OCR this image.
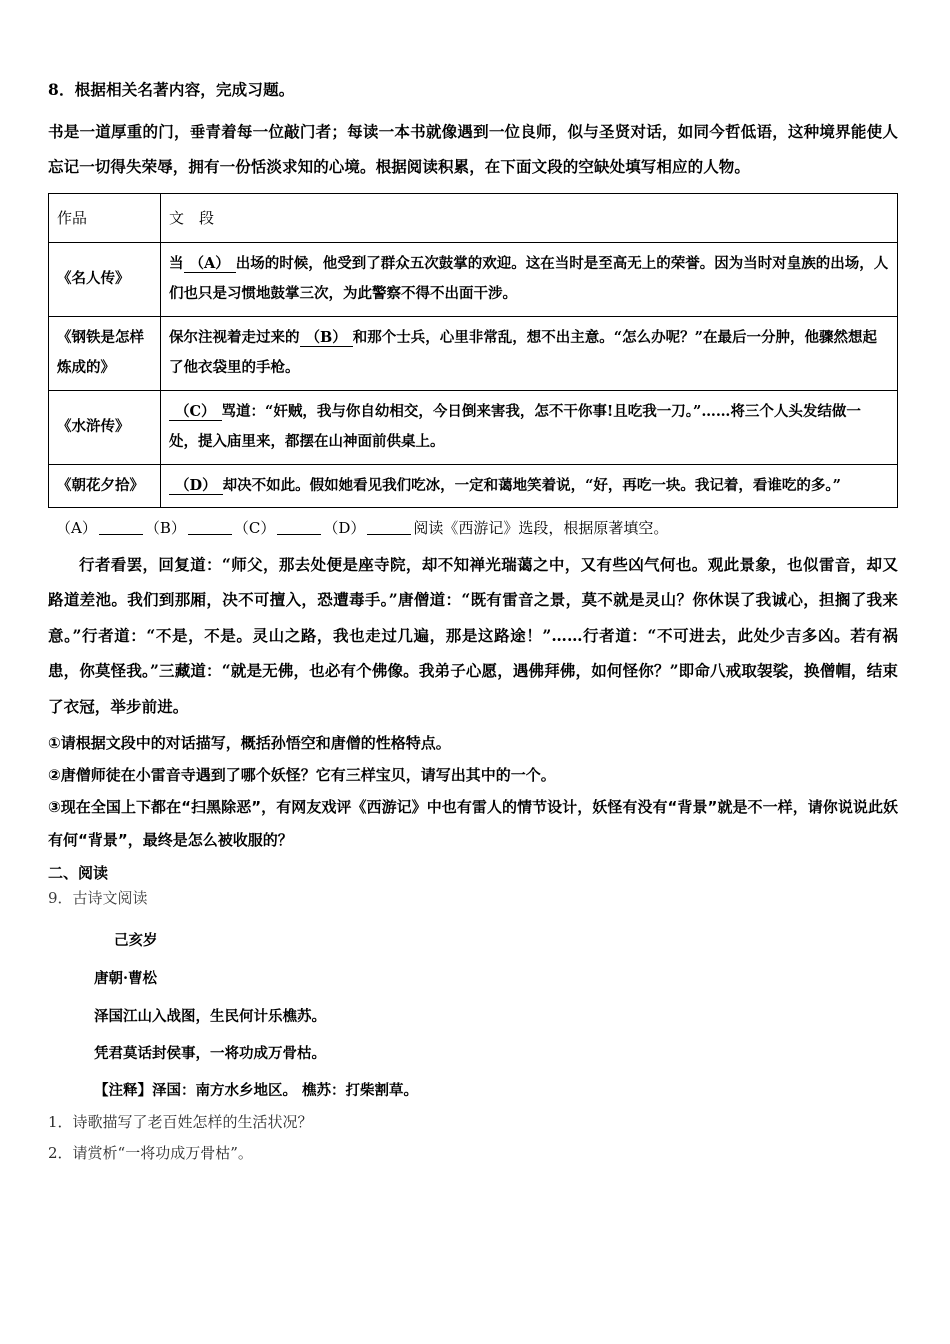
8．根据相关名著内容，完成习题。
书是一道厚重的门，垂青着每一位敲门者；每读一本书就像遇到一位良师，似与圣贤对话，如同今哲低语，这种境界能使人忘记一切得失荣辱，拥有一份恬淡求知的心境。根据阅读积累，在下面文段的空缺处填写相应的人物。
作品	文　段
《名人传》	当 （A） 出场的时候，他受到了群众五次鼓掌的欢迎。这在当时是至高无上的荣誉。因为当时对皇族的出场，人们也只是习惯地鼓掌三次，为此警察不得不出面干涉。
《钢铁是怎样炼成的》	保尔注视着走过来的 （B） 和那个士兵，心里非常乱，想不出主意。“怎么办呢？”在最后一分肿，他骤然想起了他衣袋里的手枪。
《水浒传》	（C） 骂道：“奸贼，我与你自幼相交，今日倒来害我，怎不干你事!且吃我一刀。”……将三个人头发结做一处，提入庙里来，都摆在山神面前供桌上。
《朝花夕拾》	（D） 却决不如此。假如她看见我们吃冰，一定和蔼地笑着说，“好，再吃一块。我记着，看谁吃的多。”
（A）	（B）	（C）	（D）	阅读《西游记》选段，根据原著填空。
行者看罢，回复道：“师父，那去处便是座寺院，却不知禅光瑞蔼之中，又有些凶气何也。观此景象，也似雷音，却又路道差池。我们到那厢，决不可擅入，恐遭毒手。”唐僧道：“既有雷音之景，莫不就是灵山？你休误了我诚心，担搁了我来意。”行者道：“不是，不是。灵山之路，我也走过几遍，那是这路途！”……行者道：“不可进去，此处少吉多凶。若有祸患，你莫怪我。”三藏道：“就是无佛，也必有个佛像。我弟子心愿，遇佛拜佛，如何怪你？”即命八戒取袈裟，换僧帽，结束了衣冠，举步前进。
①请根据文段中的对话描写，概括孙悟空和唐僧的性格特点。
②唐僧师徒在小雷音寺遇到了哪个妖怪？它有三样宝贝，请写出其中的一个。
③现在全国上下都在“扫黑除恶”，有网友戏评《西游记》中也有雷人的情节设计，妖怪有没有“背景”就是不一样，请你说说此妖有何“背景”，最终是怎么被收服的？
二、阅读
9．古诗文阅读
己亥岁
唐朝·曹松
泽国江山入战图，生民何计乐樵苏。
凭君莫话封侯事，一将功成万骨枯。
【注释】泽国：南方水乡地区。 樵苏：打柴割草。
1．诗歌描写了老百姓怎样的生活状况？
2．请赏析“一将功成万骨枯”。
